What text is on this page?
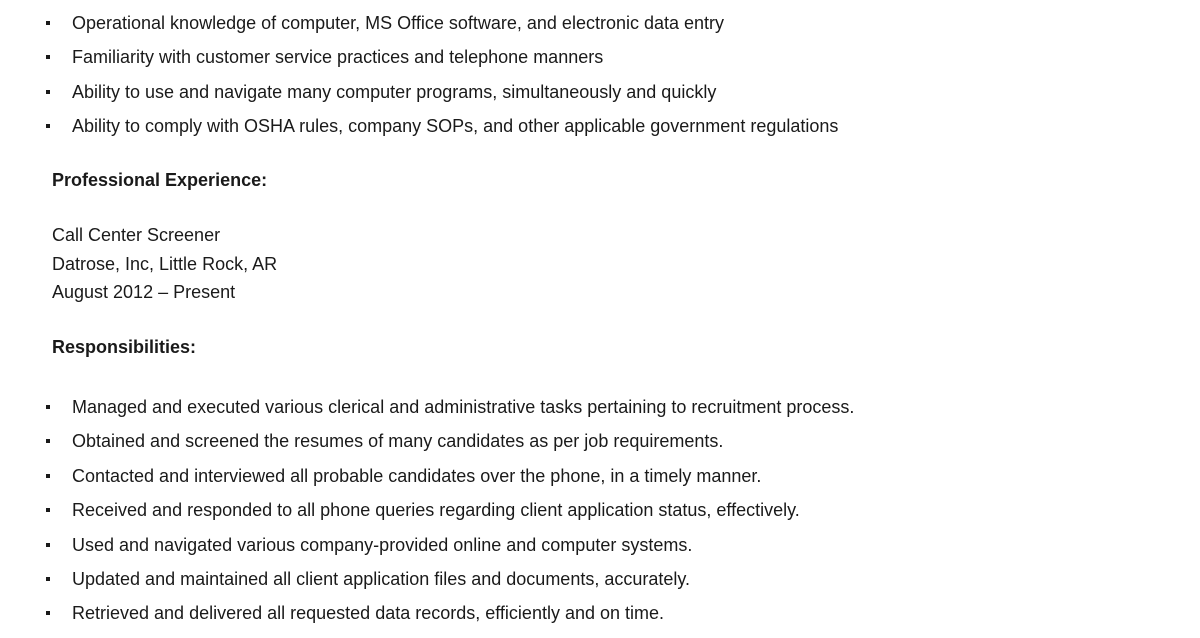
Operational knowledge of computer, MS Office software, and electronic data entry
Familiarity with customer service practices and telephone manners
Ability to use and navigate many computer programs, simultaneously and quickly
Ability to comply with OSHA rules, company SOPs, and other applicable government regulations
Professional Experience:
Call Center Screener
Datrose, Inc, Little Rock, AR
August 2012 – Present
Responsibilities:
Managed and executed various clerical and administrative tasks pertaining to recruitment process.
Obtained and screened the resumes of many candidates as per job requirements.
Contacted and interviewed all probable candidates over the phone, in a timely manner.
Received and responded to all phone queries regarding client application status, effectively.
Used and navigated various company-provided online and computer systems.
Updated and maintained all client application files and documents, accurately.
Retrieved and delivered all requested data records, efficiently and on time.
